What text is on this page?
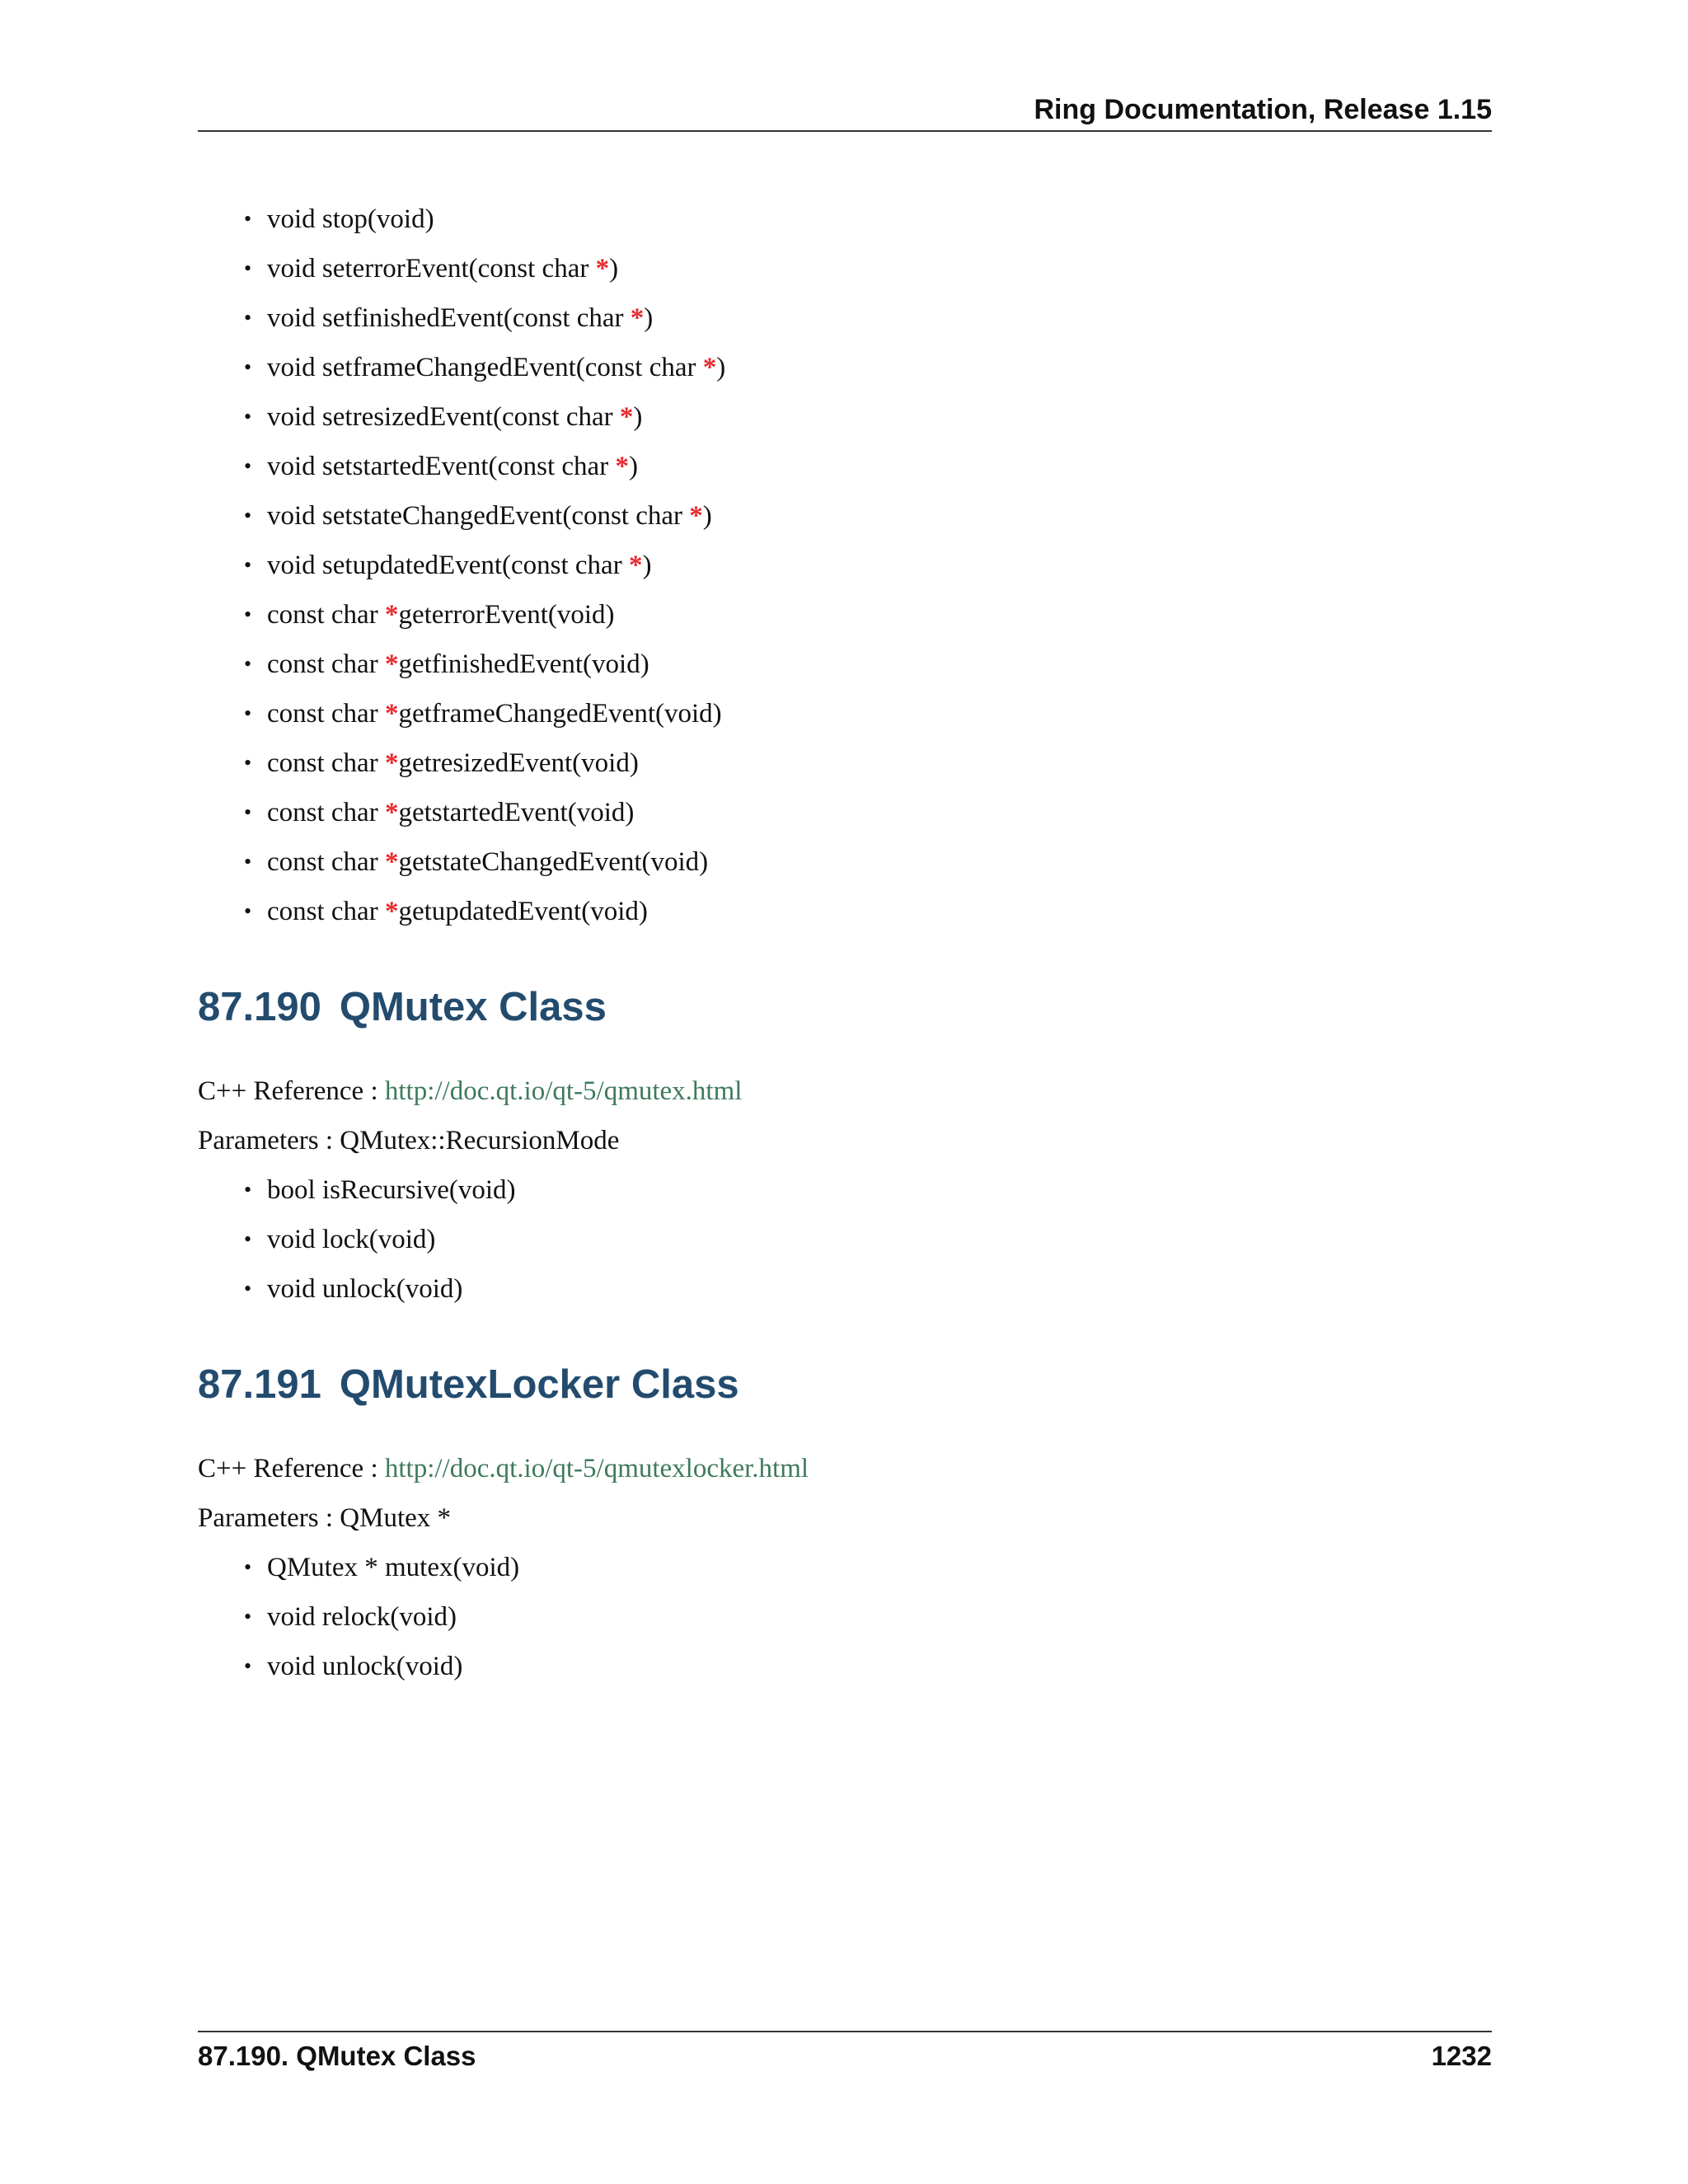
Ring Documentation, Release 1.15
• void stop(void)
• void seterrorEvent(const char *)
• void setfinishedEvent(const char *)
• void setframeChangedEvent(const char *)
• void setresizedEvent(const char *)
• void setstartedEvent(const char *)
• void setstateChangedEvent(const char *)
• void setupdatedEvent(const char *)
• const char *geterrorEvent(void)
• const char *getfinishedEvent(void)
• const char *getframeChangedEvent(void)
• const char *getresizedEvent(void)
• const char *getstartedEvent(void)
• const char *getstateChangedEvent(void)
• const char *getupdatedEvent(void)
87.190 QMutex Class
C++ Reference : http://doc.qt.io/qt-5/qmutex.html
Parameters : QMutex::RecursionMode
• bool isRecursive(void)
• void lock(void)
• void unlock(void)
87.191 QMutexLocker Class
C++ Reference : http://doc.qt.io/qt-5/qmutexlocker.html
Parameters : QMutex *
• QMutex * mutex(void)
• void relock(void)
• void unlock(void)
87.190. QMutex Class	1232
